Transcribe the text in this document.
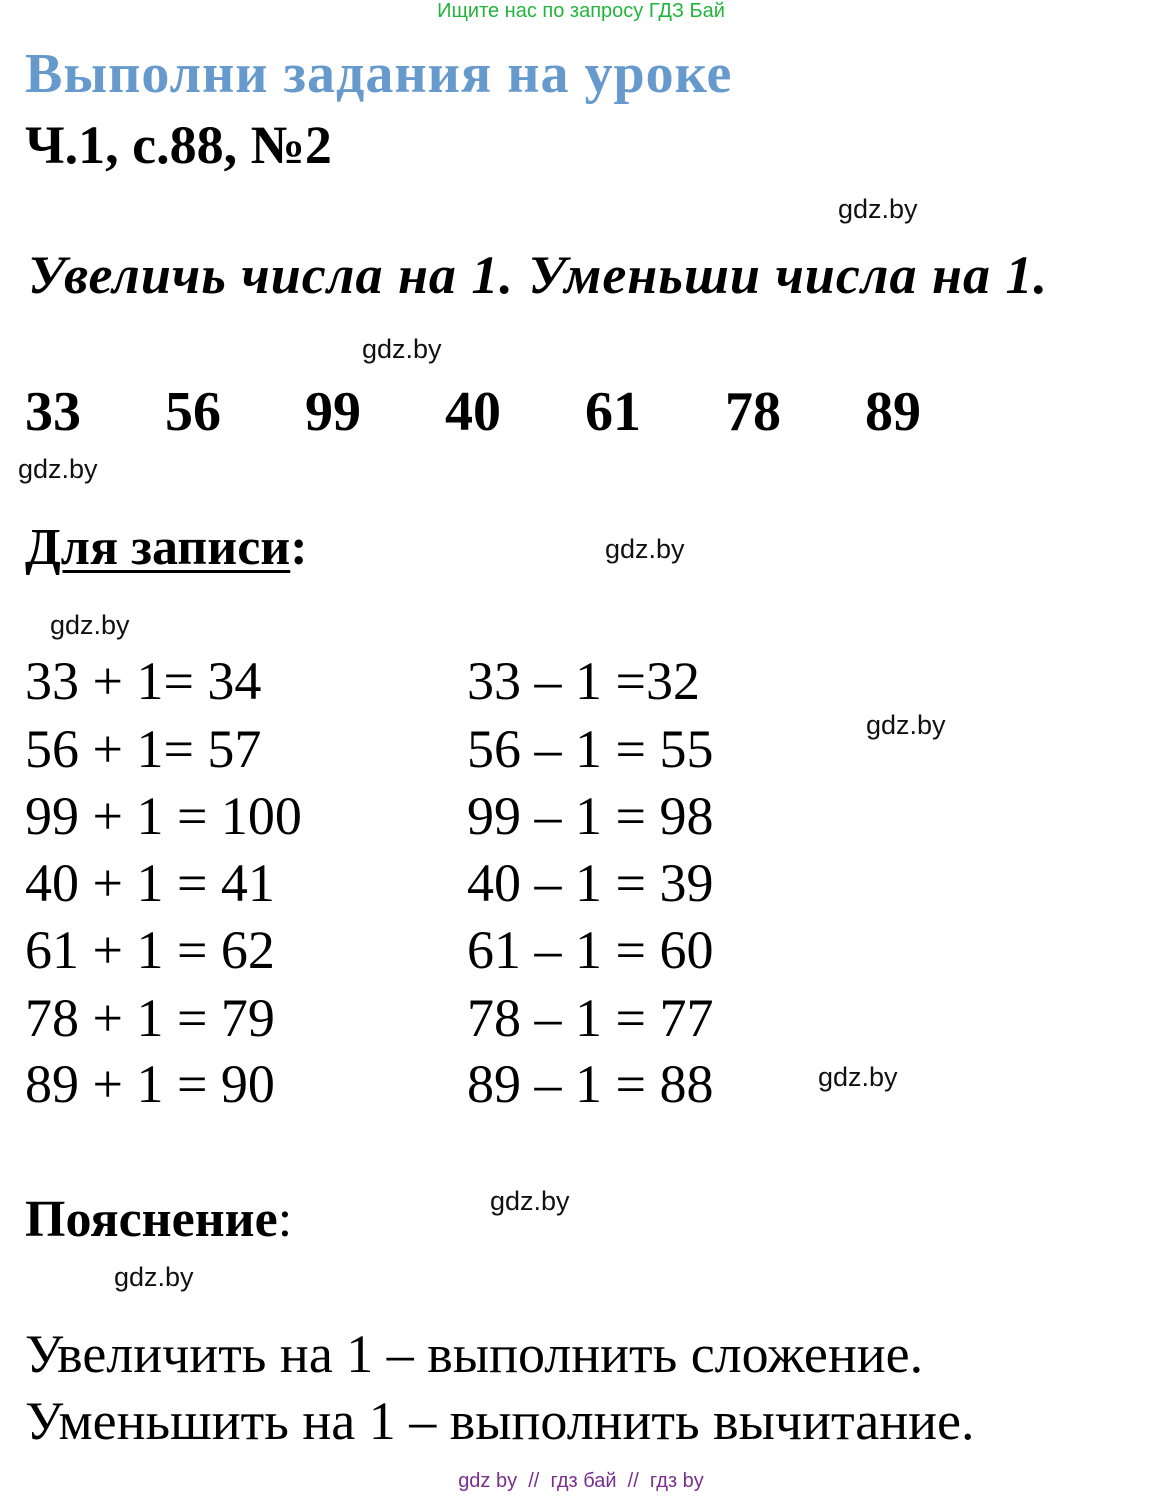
Ищите нас по запросу ГДЗ Бай
Выполни задания на уроке
Ч.1, с.88, №2
gdz.by
Увеличь числа на 1. Уменьши числа на 1.
gdz.by
33 56 99 40 61 78 89
gdz.by
Для записи:	gdz.by
gdz.by
33 + 1= 34
56 + 1= 57
99 + 1 = 100
40 + 1 = 41
61 + 1 = 62
78 + 1 = 79
89 + 1 = 90
33 – 1 =32
56 – 1 = 55
99 – 1 = 98
40 – 1 = 39
61 – 1 = 60
78 – 1 = 77
89 – 1 = 88
gdz.by
gdz.by
Пояснение:	gdz.by
gdz.by
Увеличить на 1 – выполнить сложение.
Уменьшить на 1 – выполнить вычитание.
gdz by  //  гдз бай  //  гдз by
